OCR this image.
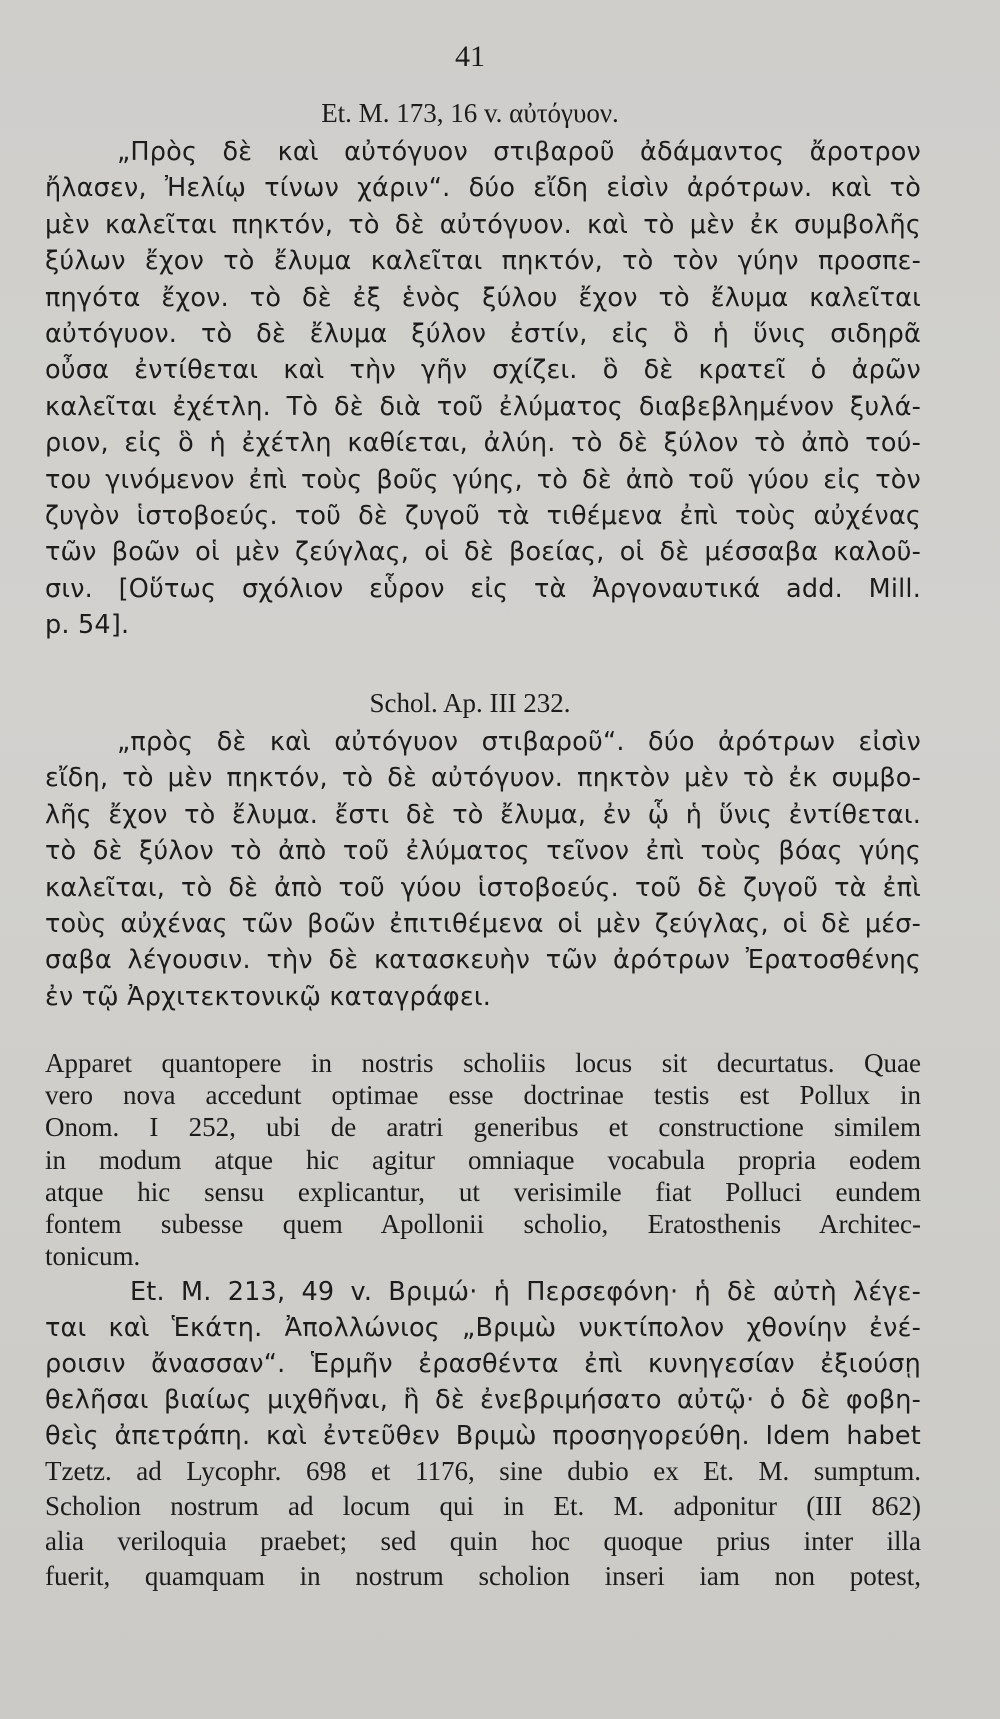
41
Et. M. 173, 16 v. αὐτόγυον.
„Πρὸς δὲ καὶ αὐτόγυον στιβαροῦ ἀδάμαντος ἄροτρον
ἤλασεν, Ἠελίῳ τίνων χάριν“. δύο εἴδη εἰσὶν ἀρότρων. καὶ τὸ
μὲν καλεῖται πηκτόν, τὸ δὲ αὐτόγυον. καὶ τὸ μὲν ἐκ συμβολῆς
ξύλων ἔχον τὸ ἔλυμα καλεῖται πηκτόν, τὸ τὸν γύην προσπε-
πηγότα ἔχον. τὸ δὲ ἐξ ἑνὸς ξύλου ἔχον τὸ ἔλυμα καλεῖται
αὐτόγυον. τὸ δὲ ἔλυμα ξύλον ἐστίν, εἰς ὃ ἡ ὕνις σιδηρᾶ
οὖσα ἐντίθεται καὶ τὴν γῆν σχίζει. ὃ δὲ κρατεῖ ὁ ἀρῶν
καλεῖται ἐχέτλη. Τὸ δὲ διὰ τοῦ ἐλύματος διαβεβλημένον ξυλά-
ριον, εἰς ὃ ἡ ἐχέτλη καθίεται, ἀλύη. τὸ δὲ ξύλον τὸ ἀπὸ τού-
του γινόμενον ἐπὶ τοὺς βοῦς γύης, τὸ δὲ ἀπὸ τοῦ γύου εἰς τὸν
ζυγὸν ἱστοβοεύς. τοῦ δὲ ζυγοῦ τὰ τιθέμενα ἐπὶ τοὺς αὐχένας
τῶν βοῶν οἱ μὲν ζεύγλας, οἱ δὲ βοείας, οἱ δὲ μέσσαβα καλοῦ-
σιν. [Οὕτως σχόλιον εὗρον εἰς τὰ Ἀργοναυτικά add. Mill.
p. 54].
Schol. Ap. III 232.
„πρὸς δὲ καὶ αὐτόγυον στιβαροῦ“. δύο ἀρότρων εἰσὶν
εἴδη, τὸ μὲν πηκτόν, τὸ δὲ αὐτόγυον. πηκτὸν μὲν τὸ ἐκ συμβο-
λῆς ἔχον τὸ ἔλυμα. ἔστι δὲ τὸ ἔλυμα, ἐν ᾧ ἡ ὕνις ἐντίθεται.
τὸ δὲ ξύλον τὸ ἀπὸ τοῦ ἐλύματος τεῖνον ἐπὶ τοὺς βόας γύης
καλεῖται, τὸ δὲ ἀπὸ τοῦ γύου ἱστοβοεύς. τοῦ δὲ ζυγοῦ τὰ ἐπὶ
τοὺς αὐχένας τῶν βοῶν ἐπιτιθέμενα οἱ μὲν ζεύγλας, οἱ δὲ μέσ-
σαβα λέγουσιν. τὴν δὲ κατασκευὴν τῶν ἀρότρων Ἐρατοσθένης
ἐν τῷ Ἀρχιτεκτονικῷ καταγράφει.
Apparet quantopere in nostris scholiis locus sit decurtatus. Quae
vero nova accedunt optimae esse doctrinae testis est Pollux in
Onom. I 252, ubi de aratri generibus et constructione similem
in modum atque hic agitur omniaque vocabula propria eodem
atque hic sensu explicantur, ut verisimile fiat Polluci eundem
fontem subesse quem Apollonii scholio, Eratosthenis Architec-
tonicum.
Et. M. 213, 49 v. Βριμώ· ἡ Περσεφόνη· ἡ δὲ αὐτὴ λέγε-
ται καὶ Ἑκάτη. Ἀπολλώνιος „Βριμὼ νυκτίπολον χθονίην ἐνέ-
ροισιν ἄνασσαν“. Ἑρμῆν ἐρασθέντα ἐπὶ κυνηγεσίαν ἐξιούσῃ
θελῆσαι βιαίως μιχθῆναι, ἣ δὲ ἐνεβριμήσατο αὐτῷ· ὁ δὲ φοβη-
θεὶς ἀπετράπη. καὶ ἐντεῦθεν Βριμὼ προσηγορεύθη. Idem habet
Tzetz. ad Lycophr. 698 et 1176, sine dubio ex Et. M. sumptum.
Scholion nostrum ad locum qui in Et. M. adponitur (III 862)
alia veriloquia praebet; sed quin hoc quoque prius inter illa
fuerit, quamquam in nostrum scholion inseri iam non potest,
